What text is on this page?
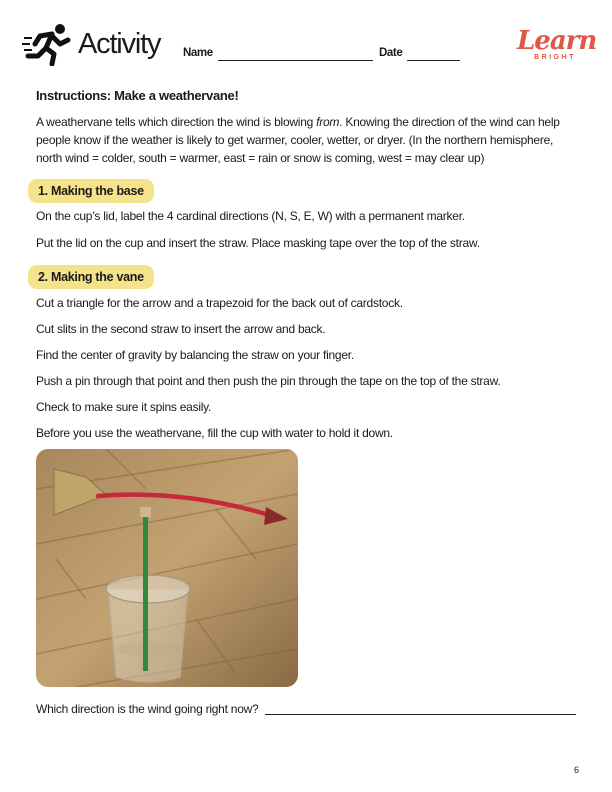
Activity Name	Date	Learn
BRIGHT
Instructions: Make a weathervane!
A weathervane tells which direction the wind is blowing from. Knowing the direction of the wind can help
people know if the weather is likely to get warmer, cooler, wetter, or dryer. (In the northern hemisphere,
north wind = colder, south = warmer, east = rain or snow is coming, west = may clear up)
1. Making the base
On the cup’s lid, label the 4 cardinal directions (N, S, E, W) with a permanent marker.
Put the lid on the cup and insert the straw. Place masking tape over the top of the straw.
2. Making the vane
Cut a triangle for the arrow and a trapezoid for the back out of cardstock.
Cut slits in the second straw to insert the arrow and back.
Find the center of gravity by balancing the straw on your finger.
Push a pin through that point and then push the pin through the tape on the top of the straw.
Check to make sure it spins easily.
Before you use the weathervane, fill the cup with water to hold it down.
Which direction is the wind going right now?
6
